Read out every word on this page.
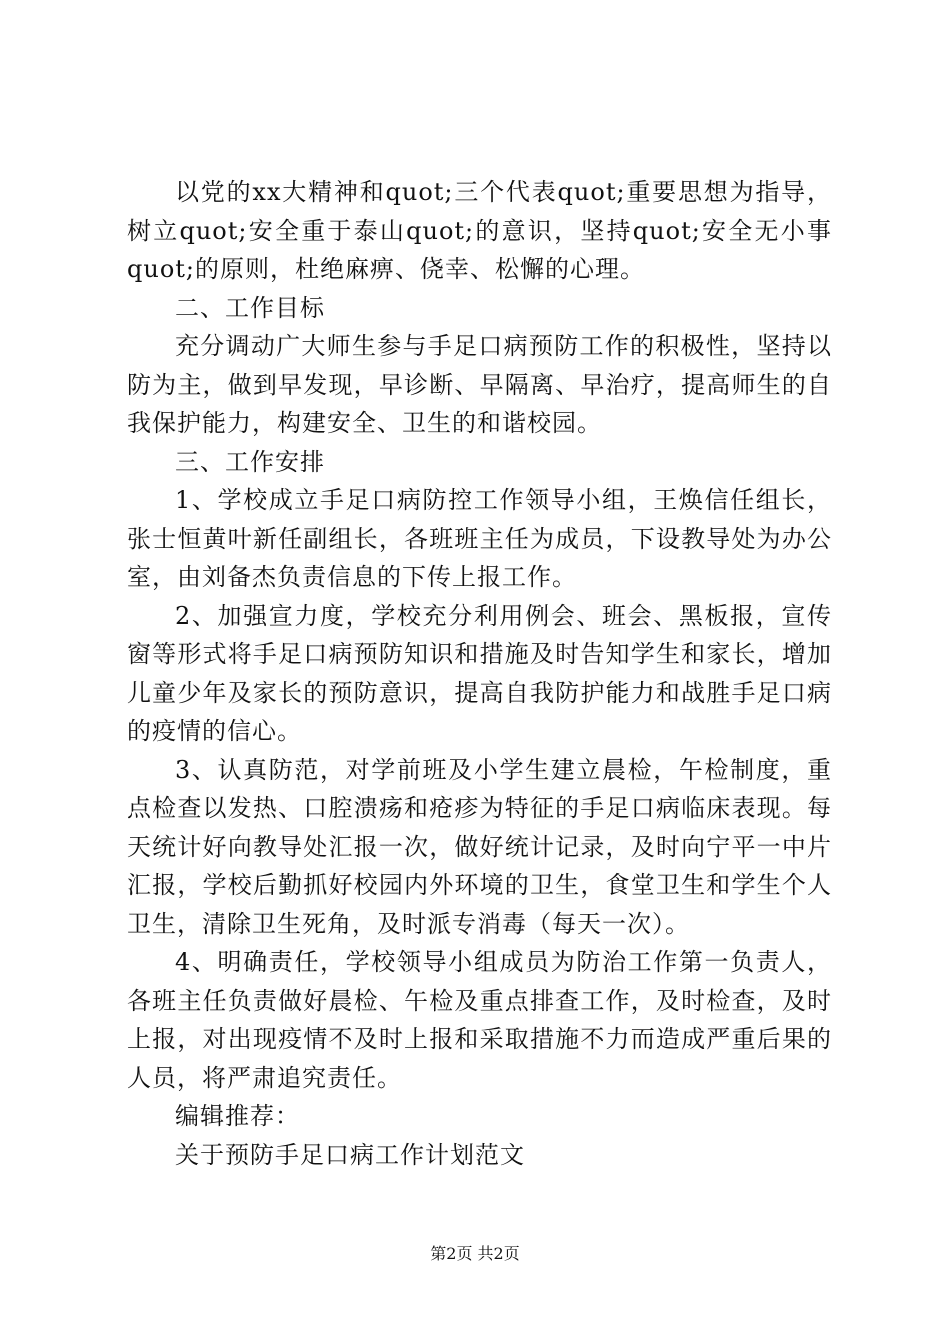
以党的xx大精神和quot;三个代表quot;重要思想为指导，树立quot;安全重于泰山quot;的意识，坚持quot;安全无小事quot;的原则，杜绝麻痹、侥幸、松懈的心理。

二、工作目标

充分调动广大师生参与手足口病预防工作的积极性，坚持以防为主，做到早发现，早诊断、早隔离、早治疗，提高师生的自我保护能力，构建安全、卫生的和谐校园。

三、工作安排

1、学校成立手足口病防控工作领导小组，王焕信任组长，张士恒黄叶新任副组长，各班班主任为成员，下设教导处为办公室，由刘备杰负责信息的下传上报工作。

2、加强宣力度，学校充分利用例会、班会、黑板报，宣传窗等形式将手足口病预防知识和措施及时告知学生和家长，增加儿童少年及家长的预防意识，提高自我防护能力和战胜手足口病的疫情的信心。

3、认真防范，对学前班及小学生建立晨检，午检制度，重点检查以发热、口腔溃疡和疮疹为特征的手足口病临床表现。每天统计好向教导处汇报一次，做好统计记录，及时向宁平一中片汇报，学校后勤抓好校园内外环境的卫生，食堂卫生和学生个人卫生，清除卫生死角，及时派专消毒（每天一次）。

4、明确责任，学校领导小组成员为防治工作第一负责人，各班主任负责做好晨检、午检及重点排查工作，及时检查，及时上报，对出现疫情不及时上报和采取措施不力而造成严重后果的人员，将严肃追究责任。

编辑推荐：

关于预防手足口病工作计划范文

第2页 共2页
